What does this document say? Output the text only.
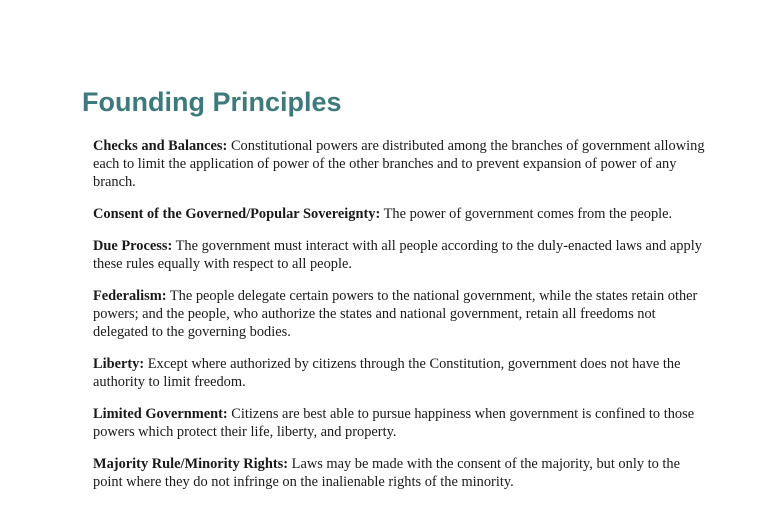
Founding Principles

Checks and Balances: Constitutional powers are distributed among the branches of government allowing each to limit the application of power of the other branches and to prevent expansion of power of any branch.

Consent of the Governed/Popular Sovereignty: The power of government comes from the people.

Due Process: The government must interact with all people according to the duly-enacted laws and apply these rules equally with respect to all people.

Federalism: The people delegate certain powers to the national government, while the states retain other powers; and the people, who authorize the states and national government, retain all freedoms not delegated to the governing bodies.

Liberty: Except where authorized by citizens through the Constitution, government does not have the authority to limit freedom.

Limited Government: Citizens are best able to pursue happiness when government is confined to those powers which protect their life, liberty, and property.

Majority Rule/Minority Rights: Laws may be made with the consent of the majority, but only to the point where they do not infringe on the inalienable rights of the minority.
